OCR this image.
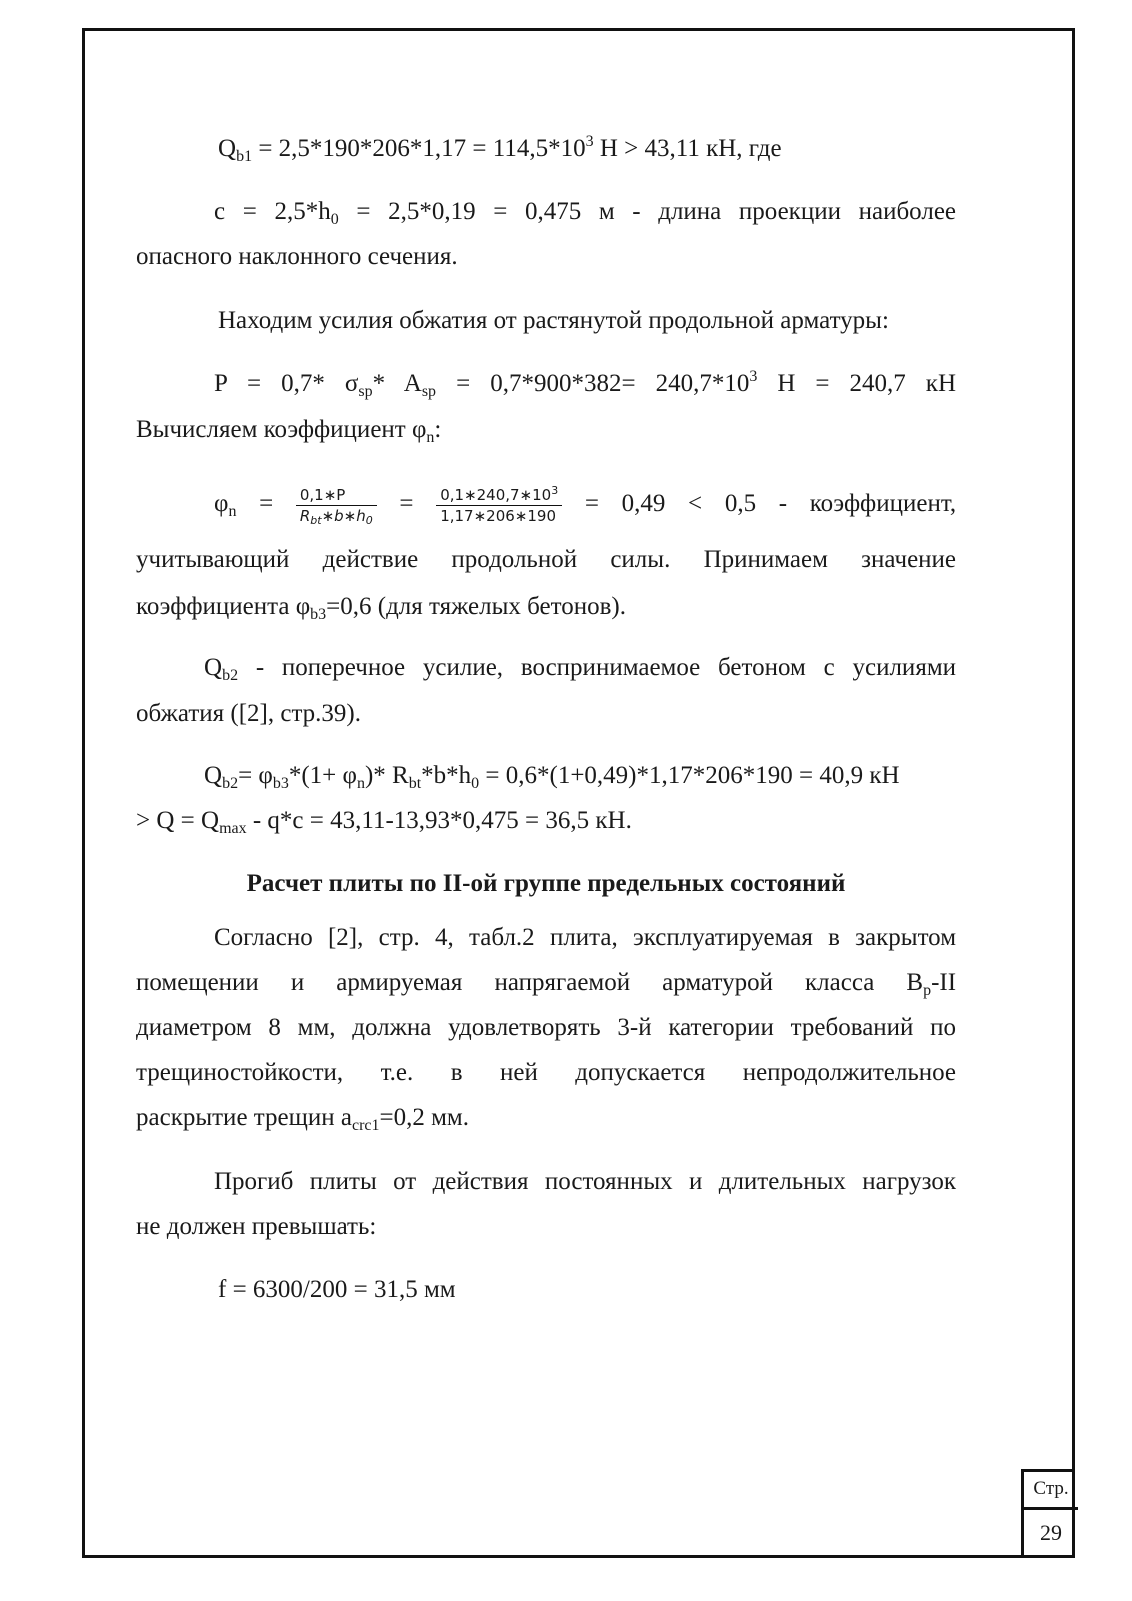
$Q_{b1} = 2,5*190*206*1,17 = 114,5*10^3$ Н > 43,11 кН, где
$с = 2,5*h_0 = 2,5*0,19 = 0,475$ м - длина проекции наиболее
опасного наклонного сечения.
Находим усилия обжатия от растянутой продольной арматуры:
P = 0,7* $\sigma_{sp}*$ $A_{sp} = 0,7*900*382= 240,7*10^3$ Н = 240,7 кН
Вычисляем коэффициент $\varphi_n$:
$\varphi_n = \frac{0,1∗P}{R_{bt}∗b∗h_0} = \frac{0,1∗240,7∗10^3}{1,17∗206∗190} = 0,49 < 0,5$ - коэффициент,
учитывающий действие продольной силы. Принимаем значение
коэффициента $\varphi_{b3}=0,6$ (для тяжелых бетонов).
$Q_{b2}$ - поперечное усилие, воспринимаемое бетоном с усилиями
обжатия ([2], стр.39).
$Q_{b2}= \varphi_{b3}*(1+ \varphi_n)*$ $R_{bt}*b*h_0 = 0,6*(1+0,49)*1,17*206*190 = 40,9$ кН
> $Q = Q_{max} - q*c = 43,11-13,93*0,475 = 36,5$ кН.
Расчет плиты по II-ой группе предельных состояний
Согласно [2], стр. 4, табл.2 плита, эксплуатируемая в закрытом
помещении и армируемая напрягаемой арматурой класса $B_p-II$
диаметром 8 мм, должна удовлетворять 3-й категории требований по
трещиностойкости, т.е. в ней допускается непродолжительное
раскрытие трещин $a_{crc1}=0,2$ мм.
Прогиб плиты от действия постоянных и длительных нагрузок
не должен превышать:
f = 6300/200 = 31,5 мм
Стр.
29
